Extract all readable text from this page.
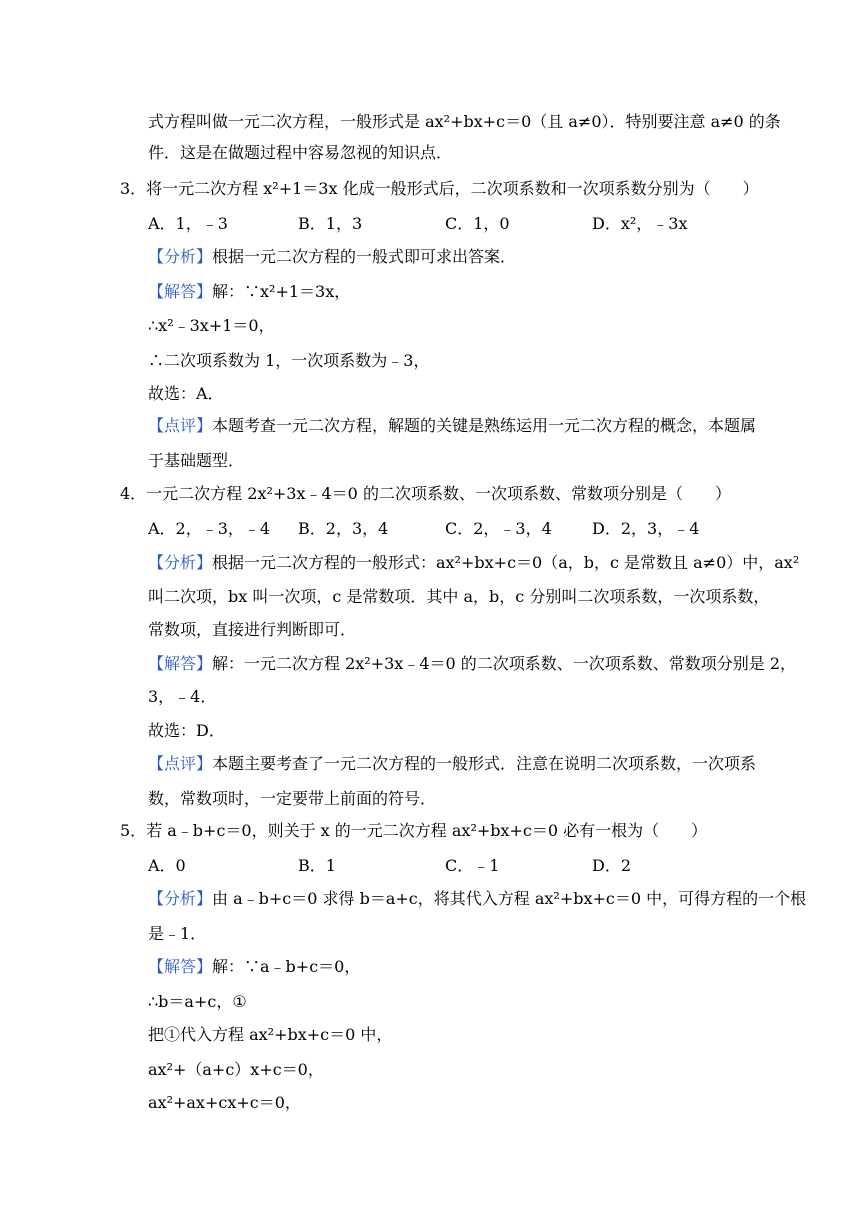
式方程叫做一元二次方程，一般形式是 ax²+bx+c＝0（且 a≠0）．特别要注意 a≠0 的条
件．这是在做题过程中容易忽视的知识点．
3．将一元二次方程 x²+1＝3x 化成一般形式后，二次项系数和一次项系数分别为（　　）
A．1，﹣3	B．1，3	C．1，0	D．x²，﹣3x
【分析】根据一元二次方程的一般式即可求出答案．
【解答】解：∵x²+1＝3x，
∴x²﹣3x+1＝0，
∴二次项系数为 1，一次项系数为﹣3，
故选：A．
【点评】本题考查一元二次方程，解题的关键是熟练运用一元二次方程的概念，本题属
于基础题型．
4．一元二次方程 2x²+3x﹣4＝0 的二次项系数、一次项系数、常数项分别是（　　）
A．2，﹣3，﹣4 B．2，3，4	C．2，﹣3，4	D．2，3，﹣4
【分析】根据一元二次方程的一般形式：ax²+bx+c＝0（a，b，c 是常数且 a≠0）中，ax²
叫二次项，bx 叫一次项，c 是常数项．其中 a，b，c 分别叫二次项系数，一次项系数，
常数项，直接进行判断即可．
【解答】解：一元二次方程 2x²+3x﹣4＝0 的二次项系数、一次项系数、常数项分别是 2，
3，﹣4．
故选：D．
【点评】本题主要考查了一元二次方程的一般形式．注意在说明二次项系数，一次项系
数，常数项时，一定要带上前面的符号．
5．若 a﹣b+c＝0，则关于 x 的一元二次方程 ax²+bx+c＝0 必有一根为（　　）
A．0	B．1	C．﹣1	D．2
【分析】由 a﹣b+c＝0 求得 b＝a+c，将其代入方程 ax²+bx+c＝0 中，可得方程的一个根
是﹣1．
【解答】解：∵a﹣b+c＝0，
∴b＝a+c，①
把①代入方程 ax²+bx+c＝0 中，
ax²+（a+c）x+c＝0，
ax²+ax+cx+c＝0，
